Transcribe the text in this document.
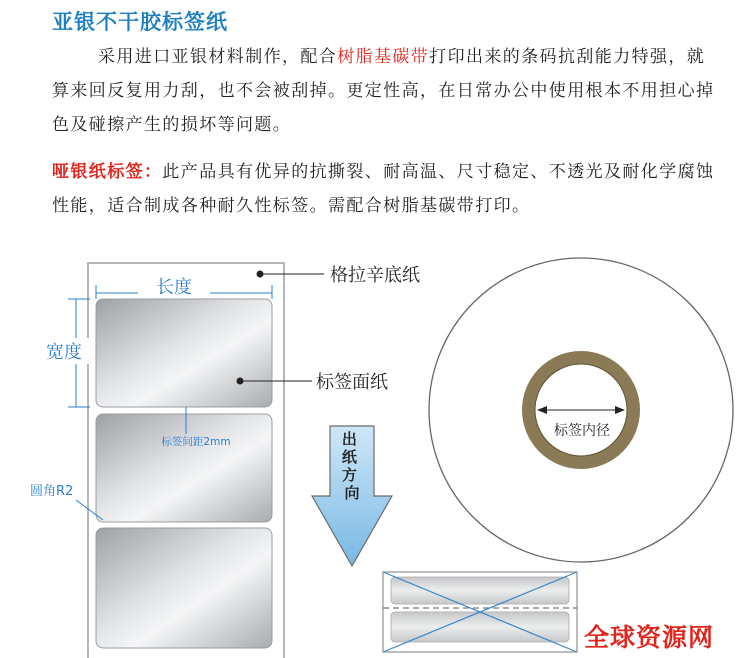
亚银不干胶标签纸

采用进口亚银材料制作，配合树脂基碳带打印出来的条码抗刮能力特强，就算来回反复用力刮，也不会被刮掉。更定性高，在日常办公中使用根本不用担心掉色及碰擦产生的损坏等问题。

哑银纸标签：此产品具有优异的抗撕裂、耐高温、尺寸稳定、不透光及耐化学腐蚀性能，适合制成各种耐久性标签。需配合树脂基碳带打印。

长度
宽度
标签间距2mm
圆角R2
格拉辛底纸
标签面纸
出 纸 方 向
标签内径
全球资源网
